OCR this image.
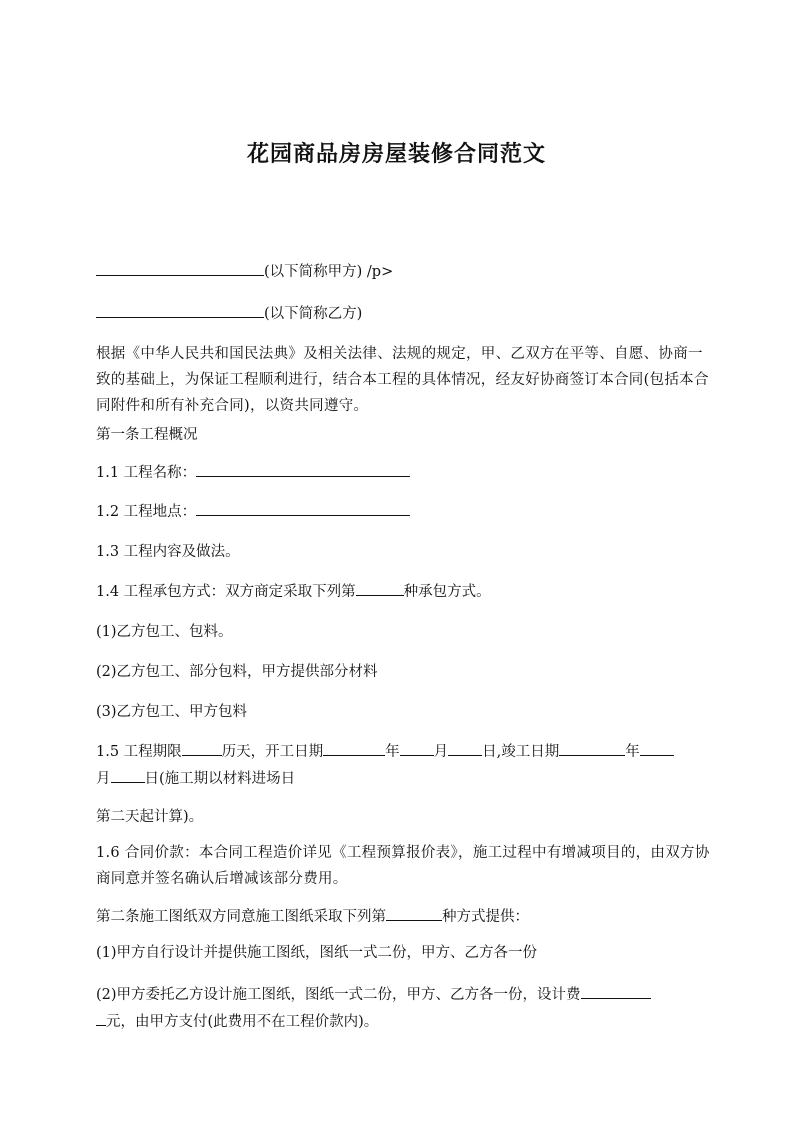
花园商品房房屋装修合同范文

(以下简称甲方) /p>

(以下简称乙方)

根据《中华人民共和国民法典》及相关法律、法规的规定，甲、乙双方在平等、自愿、协商一致的基础上，为保证工程顺利进行，结合本工程的具体情况，经友好协商签订本合同(包括本合同附件和所有补充合同)，以资共同遵守。

第一条工程概况

1.1 工程名称：

1.2 工程地点：

1.3 工程内容及做法。

1.4 工程承包方式：双方商定采取下列第	种承包方式。

(1)乙方包工、包料。

(2)乙方包工、部分包料，甲方提供部分材料

(3)乙方包工、甲方包料

1.5 工程期限	历天，开工日期	年 月 日,竣工日期	年
月 日(施工期以材料进场日

第二天起计算)。

1.6 合同价款：本合同工程造价详见《工程预算报价表》，施工过程中有增减项目的，由双方协商同意并签名确认后增减该部分费用。

第二条施工图纸双方同意施工图纸采取下列第	种方式提供：

(1)甲方自行设计并提供施工图纸，图纸一式二份，甲方、乙方各一份

(2)甲方委托乙方设计施工图纸，图纸一式二份，甲方、乙方各一份，设计费
元，由甲方支付(此费用不在工程价款内)。
